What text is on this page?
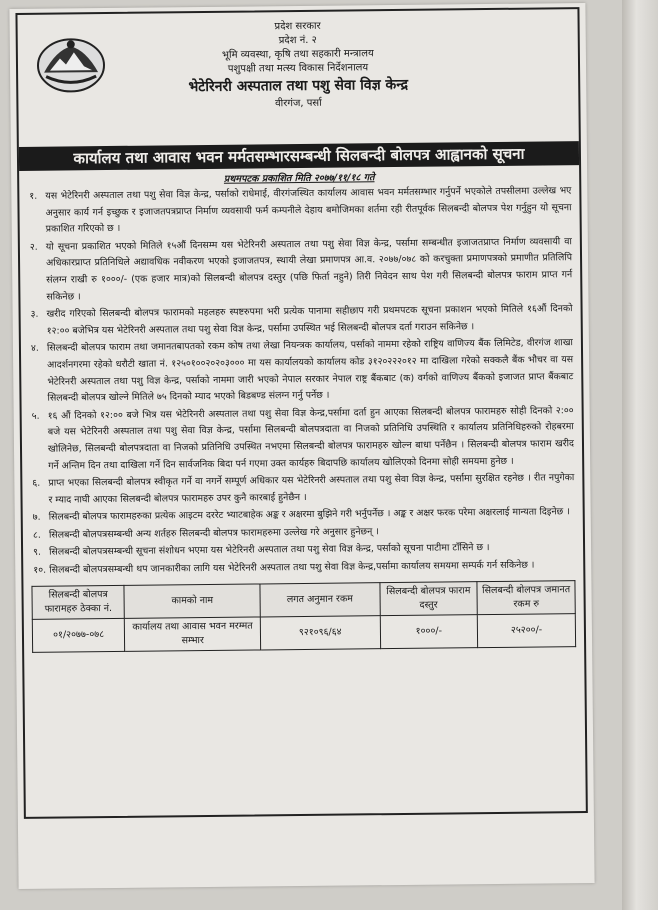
प्रदेश सरकार

प्रदेश नं. २

भूमि व्यवस्था, कृषि तथा सहकारी मन्त्रालय

पशुपक्षी तथा मत्स्य विकास निर्देशनालय

भेटेरिनरी अस्पताल तथा पशु सेवा विज्ञ केन्द्र

वीरगंज, पर्सा

कार्यालय तथा आवास भवन मर्मतसम्भारसम्बन्धी सिलबन्दी बोलपत्र आह्वानको सूचना
प्रथमपटक प्रकाशित मिति २०७७/११/१८ गते
१. यस भेटेरिनरी अस्पताल तथा पशु सेवा विज्ञ केन्द्र, पर्साको राधेमाई, वीरगंजस्थित कार्यालय आवास भवन मर्मतसम्भार गर्नुपर्ने भएकोले तपसीलमा उल्लेख भए अनुसार कार्य गर्न इच्छुक र इजाजतपत्रप्राप्त निर्माण व्यवसायी फर्म कम्पनीले देहाय बमोजिमका शर्तमा रही रीतपूर्वक सिलबन्दी बोलपत्र पेश गर्नुहुन यो सूचना प्रकाशित गरिएको छ ।
२. यो सूचना प्रकाशित भएको मितिले १५औं दिनसम्म यस भेटेरिनरी अस्पताल तथा पशु सेवा विज्ञ केन्द्र, पर्सामा सम्बन्धीत इजाजतप्राप्त निर्माण व्यवसायी वा अधिकारप्राप्त प्रतिनिधिले अद्यावधिक नवीकरण भएको इजाजतपत्र, स्थायी लेखा प्रमाणपत्र आ.व. २०७७/०७८ को करचुक्ता प्रमाणपत्रको प्रमाणीत प्रतिलिपि संलग्न राखी रु १०००/- (एक हजार मात्र)को सिलबन्दी बोलपत्र दस्तुर (पछि फिर्ता नहुने) तिरी निवेदन साथ पेश गरी सिलबन्दी बोलपत्र फाराम प्राप्त गर्न सकिनेछ ।
३. खरीद गरिएको सिलबन्दी बोलपत्र फारामको महलहरु स्पष्टरुपमा भरी प्रत्येक पानामा सहीछाप गरी प्रथमपटक सूचना प्रकाशन भएको मितिले १६औं दिनको १२:०० बजेभित्र यस भेटेरिनरी अस्पताल तथा पशु सेवा विज्ञ केन्द्र, पर्सामा उपस्थित भई सिलबन्दी बोलपत्र दर्ता गराउन सकिनेछ ।
४. सिलबन्दी बोलपत्र फाराम तथा जमानतबापतको रकम कोष तथा लेखा नियन्त्रक कार्यालय, पर्साको नाममा रहेको राष्ट्रिय वाणिज्य बैंक लिमिटेड, वीरगंज शाखा आदर्शनगरमा रहेको धरौटी खाता नं. १२५०१००२०२०३००० मा यस कार्यालयको कार्यालय कोड ३१२०२२२०१२ मा दाखिला गरेको सक्कलै बैंक भौचर वा यस भेटेरिनरी अस्पताल तथा पशु विज्ञ केन्द्र, पर्साको नाममा जारी भएको नेपाल सरकार नेपाल राष्ट्र बैंकबाट (क) वर्गको वाणिज्य बैंकको इजाजत प्राप्त बैंकबाट सिलबन्दी बोलपत्र खोल्ने मितिले ७५ दिनको म्याद भएको बिडबण्ड संलग्न गर्नु पर्नेछ ।
५. १६ औं दिनको १२:०० बजे भित्र यस भेटेरिनरी अस्पताल तथा पशु सेवा विज्ञ केन्द्र,पर्सामा दर्ता हुन आएका सिलबन्दी बोलपत्र फारामहरु सोही दिनको २:०० बजे यस भेटेरिनरी अस्पताल तथा पशु सेवा विज्ञ केन्द्र, पर्सामा सिलबन्दी बोलपत्रदाता वा निजको प्रतिनिधि उपस्थिति र कार्यालय प्रतिनिधिहरुको रोहबरमा खोलिनेछ, सिलबन्दी बोलपत्रदाता वा निजको प्रतिनिधि उपस्थित नभएमा सिलबन्दी बोलपत्र फारामहरु खोल्न बाधा पर्नेछैन । सिलबन्दी बोलपत्र फाराम खरीद गर्ने अन्तिम दिन तथा दाखिला गर्ने दिन सार्वजनिक बिदा पर्न गएमा उक्त कार्यहरु बिदापछि कार्यालय खोलिएको दिनमा सोही समयमा हुनेछ ।
६. प्राप्त भएका सिलबन्दी बोलपत्र स्वीकृत गर्ने वा नगर्ने सम्पूर्ण अधिकार यस भेटेरिनरी अस्पताल तथा पशु सेवा विज्ञ केन्द्र, पर्सामा सुरक्षित रहनेछ । रीत नपुगेका र म्याद नाघी आएका सिलबन्दी बोलपत्र फारामहरु उपर कुनै कारबाई हुनेछैन ।
७. सिलबन्दी बोलपत्र फारामहरुका प्रत्येक आइटम दररेट भ्याटबाहेक अङ्क र अक्षरमा बुझिने गरी भर्नुपर्नेछ । अङ्क र अक्षर फरक परेमा अक्षरलाई मान्यता दिइनेछ ।
८. सिलबन्दी बोलपत्रसम्बन्धी अन्य शर्तहरु सिलबन्दी बोलपत्र फारामहरुमा उल्लेख गरे अनुसार हुनेछन् ।
९. सिलबन्दी बोलपत्रसम्बन्धी सूचना संशोधन भएमा यस भेटेरिनरी अस्पताल तथा पशु सेवा विज्ञ केन्द्र, पर्साको सूचना पाटीमा टाँसिने छ ।
१०. सिलबन्दी बोलपत्रसम्बन्धी थप जानकारीका लागि यस भेटेरिनरी अस्पताल तथा पशु सेवा विज्ञ केन्द्र,पर्सामा कार्यालय समयमा सम्पर्क गर्न सकिनेछ ।
सिलबन्दी बोलपत्र फारामहरु ठेक्का नं.	कामको नाम	लगत अनुमान रकम	सिलबन्दी बोलपत्र फाराम दस्तुर	सिलबन्दी बोलपत्र जमानत रकम रु
०१/२०७७-०७८	कार्यालय तथा आवास भवन मरम्मत सम्भार	९२१०९६/६४	१०००/-	२५२००/-
